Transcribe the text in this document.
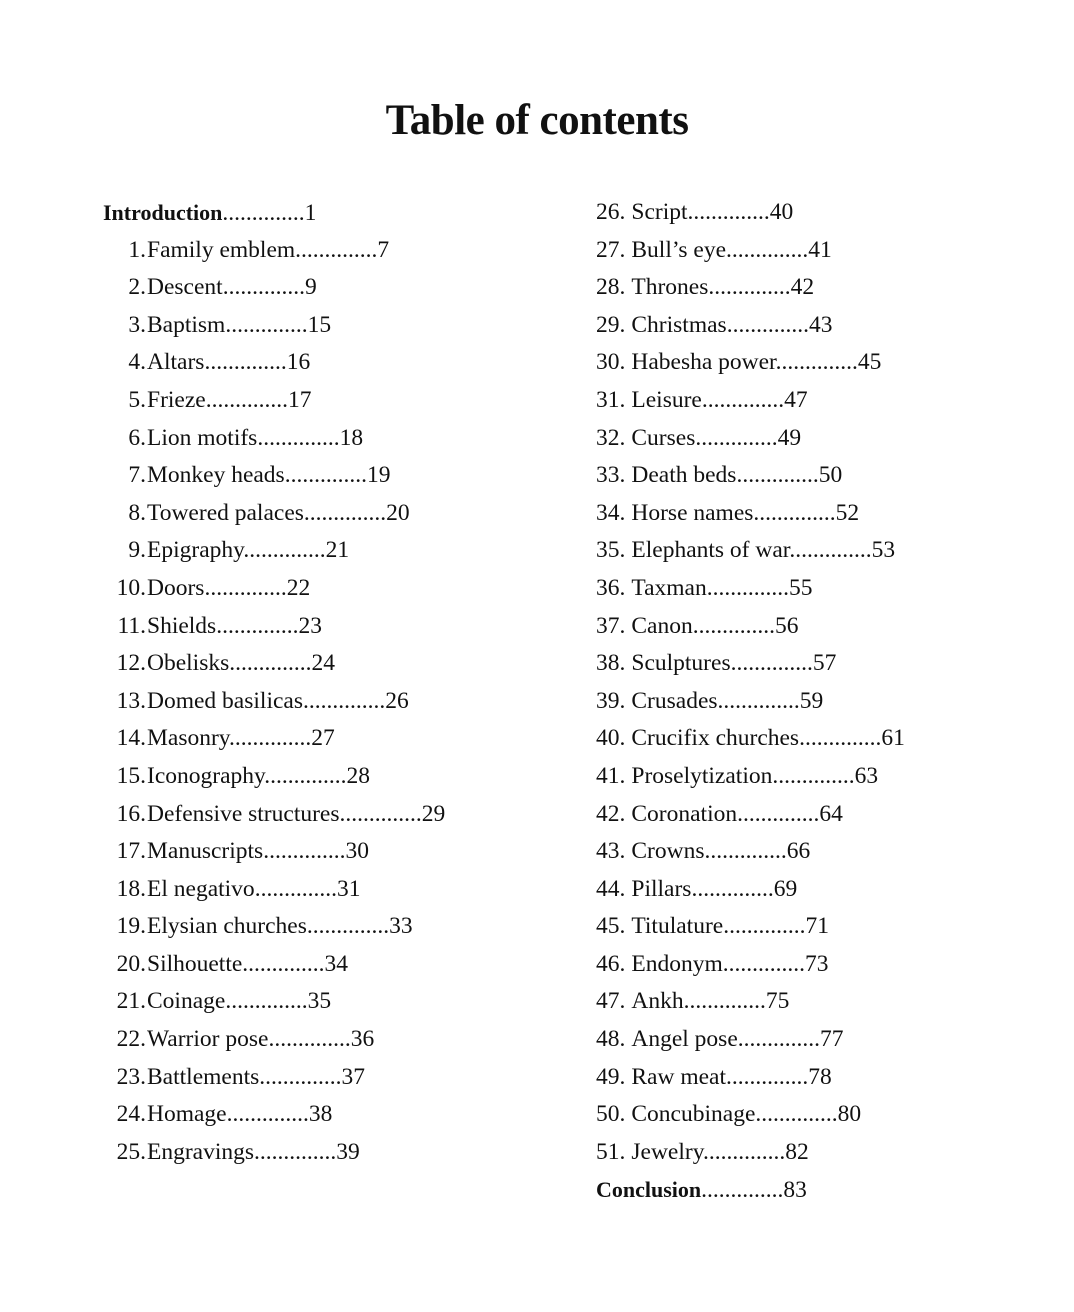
Table of contents
Introduction..............1
1.Family emblem..............7
2.Descent..............9
3.Baptism..............15
4.Altars..............16
5.Frieze..............17
6.Lion motifs..............18
7.Monkey heads..............19
8.Towered palaces..............20
9.Epigraphy..............21
10.Doors..............22
11.Shields..............23
12.Obelisks..............24
13.Domed basilicas..............26
14.Masonry..............27
15.Iconography..............28
16.Defensive structures..............29
17.Manuscripts..............30
18.El negativo..............31
19.Elysian churches..............33
20.Silhouette..............34
21.Coinage..............35
22.Warrior pose..............36
23.Battlements..............37
24.Homage..............38
25.Engravings..............39
26. Script..............40
27. Bull’s eye..............41
28. Thrones..............42
29. Christmas..............43
30. Habesha power..............45
31. Leisure..............47
32. Curses..............49
33. Death beds..............50
34. Horse names..............52
35. Elephants of war..............53
36. Taxman..............55
37. Canon..............56
38. Sculptures..............57
39. Crusades..............59
40. Crucifix churches..............61
41. Proselytization..............63
42. Coronation..............64
43. Crowns..............66
44. Pillars..............69
45. Titulature..............71
46. Endonym..............73
47. Ankh..............75
48. Angel pose..............77
49. Raw meat..............78
50. Concubinage..............80
51. Jewelry..............82
Conclusion..............83
